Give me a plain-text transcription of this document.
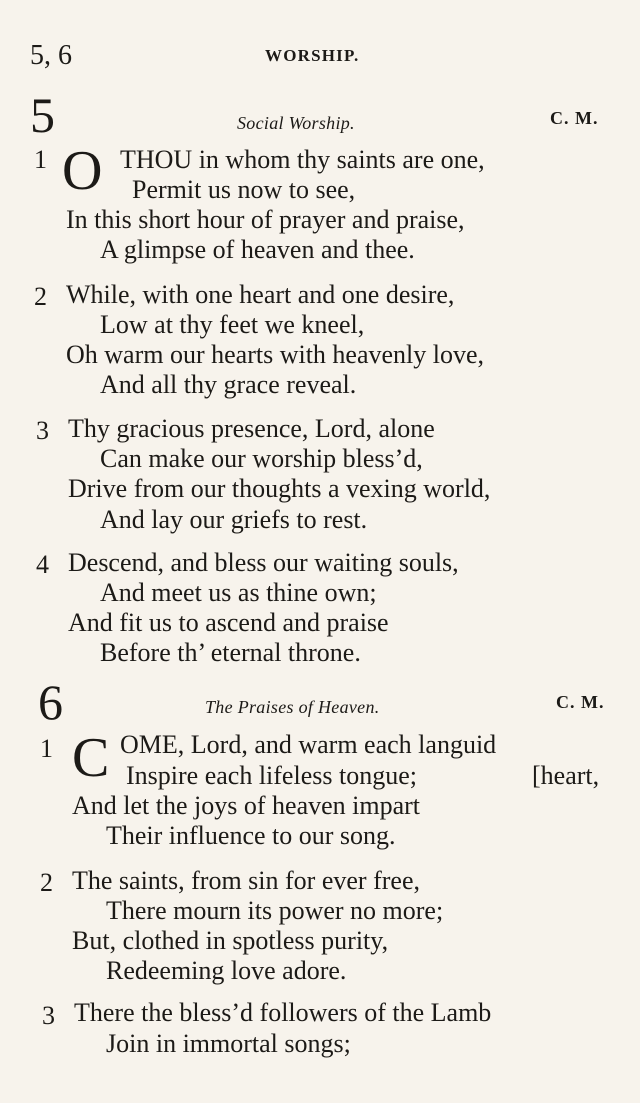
5, 6	WORSHIP.
5	Social Worship.	C. M.
1 O THOU in whom thy saints are one,
Permit us now to see,
In this short hour of prayer and praise,
A glimpse of heaven and thee.
2 While, with one heart and one desire,
Low at thy feet we kneel,
Oh warm our hearts with heavenly love,
And all thy grace reveal.
3 Thy gracious presence, Lord, alone
Can make our worship bless’d,
Drive from our thoughts a vexing world,
And lay our griefs to rest.
4 Descend, and bless our waiting souls,
And meet us as thine own;
And fit us to ascend and praise
Before th’ eternal throne.
6	The Praises of Heaven.	C. M.
1 C OME, Lord, and warm each languid
Inspire each lifeless tongue;	[heart,
And let the joys of heaven impart
Their influence to our song.
2 The saints, from sin for ever free,
There mourn its power no more;
But, clothed in spotless purity,
Redeeming love adore.
3 There the bless’d followers of the Lamb
Join in immortal songs;
